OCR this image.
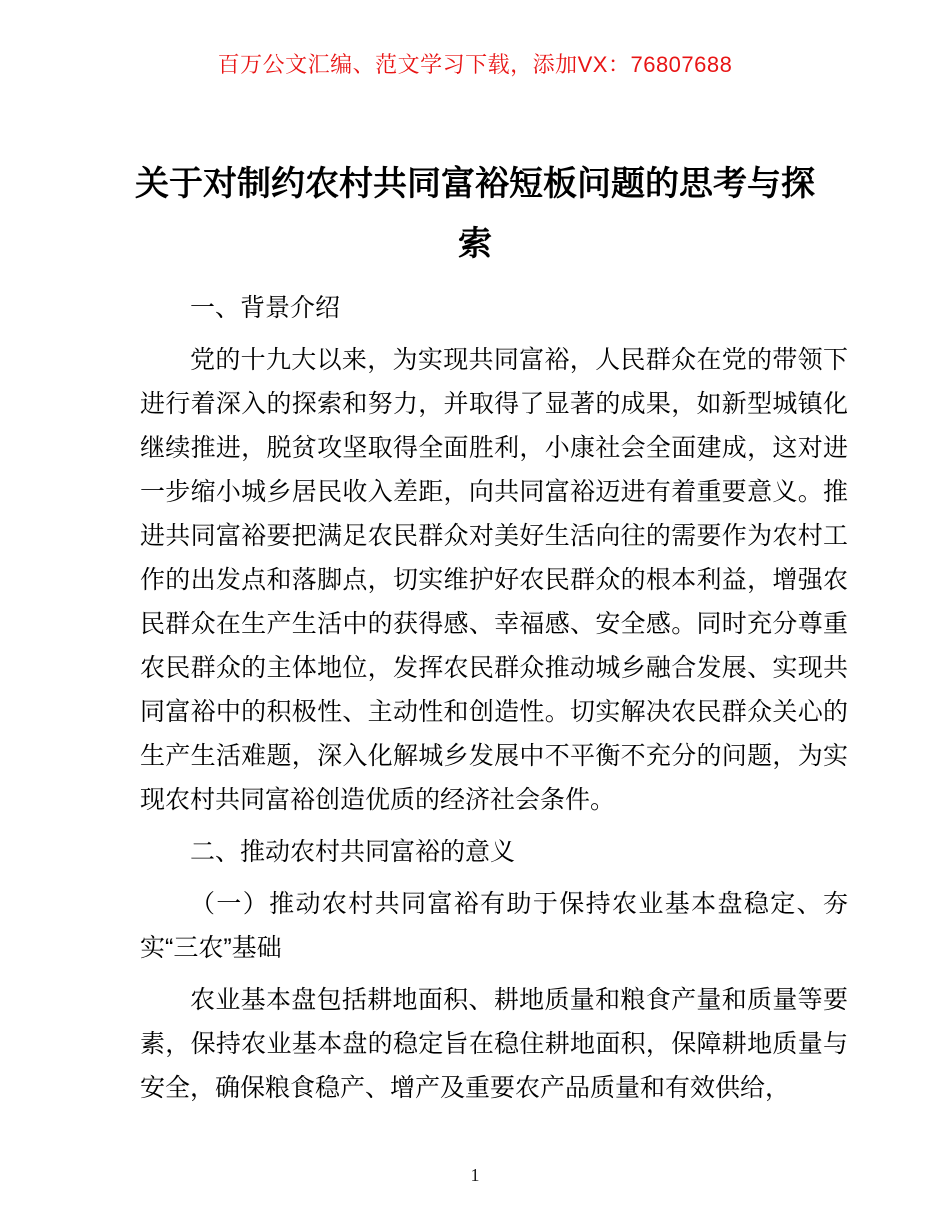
百万公文汇编、范文学习下载，添加VX：76807688
关于对制约农村共同富裕短板问题的思考与探索
一、背景介绍

党的十九大以来，为实现共同富裕，人民群众在党的带领下进行着深入的探索和努力，并取得了显著的成果，如新型城镇化继续推进，脱贫攻坚取得全面胜利，小康社会全面建成，这对进一步缩小城乡居民收入差距，向共同富裕迈进有着重要意义。推进共同富裕要把满足农民群众对美好生活向往的需要作为农村工作的出发点和落脚点，切实维护好农民群众的根本利益，增强农民群众在生产生活中的获得感、幸福感、安全感。同时充分尊重农民群众的主体地位，发挥农民群众推动城乡融合发展、实现共同富裕中的积极性、主动性和创造性。切实解决农民群众关心的生产生活难题，深入化解城乡发展中不平衡不充分的问题，为实现农村共同富裕创造优质的经济社会条件。

二、推动农村共同富裕的意义
（一）推动农村共同富裕有助于保持农业基本盘稳定、夯实“三农”基础

农业基本盘包括耕地面积、耕地质量和粮食产量和质量等要素，保持农业基本盘的稳定旨在稳住耕地面积，保障耕地质量与安全，确保粮食稳产、增产及重要农产品质量和有效供给，

1
